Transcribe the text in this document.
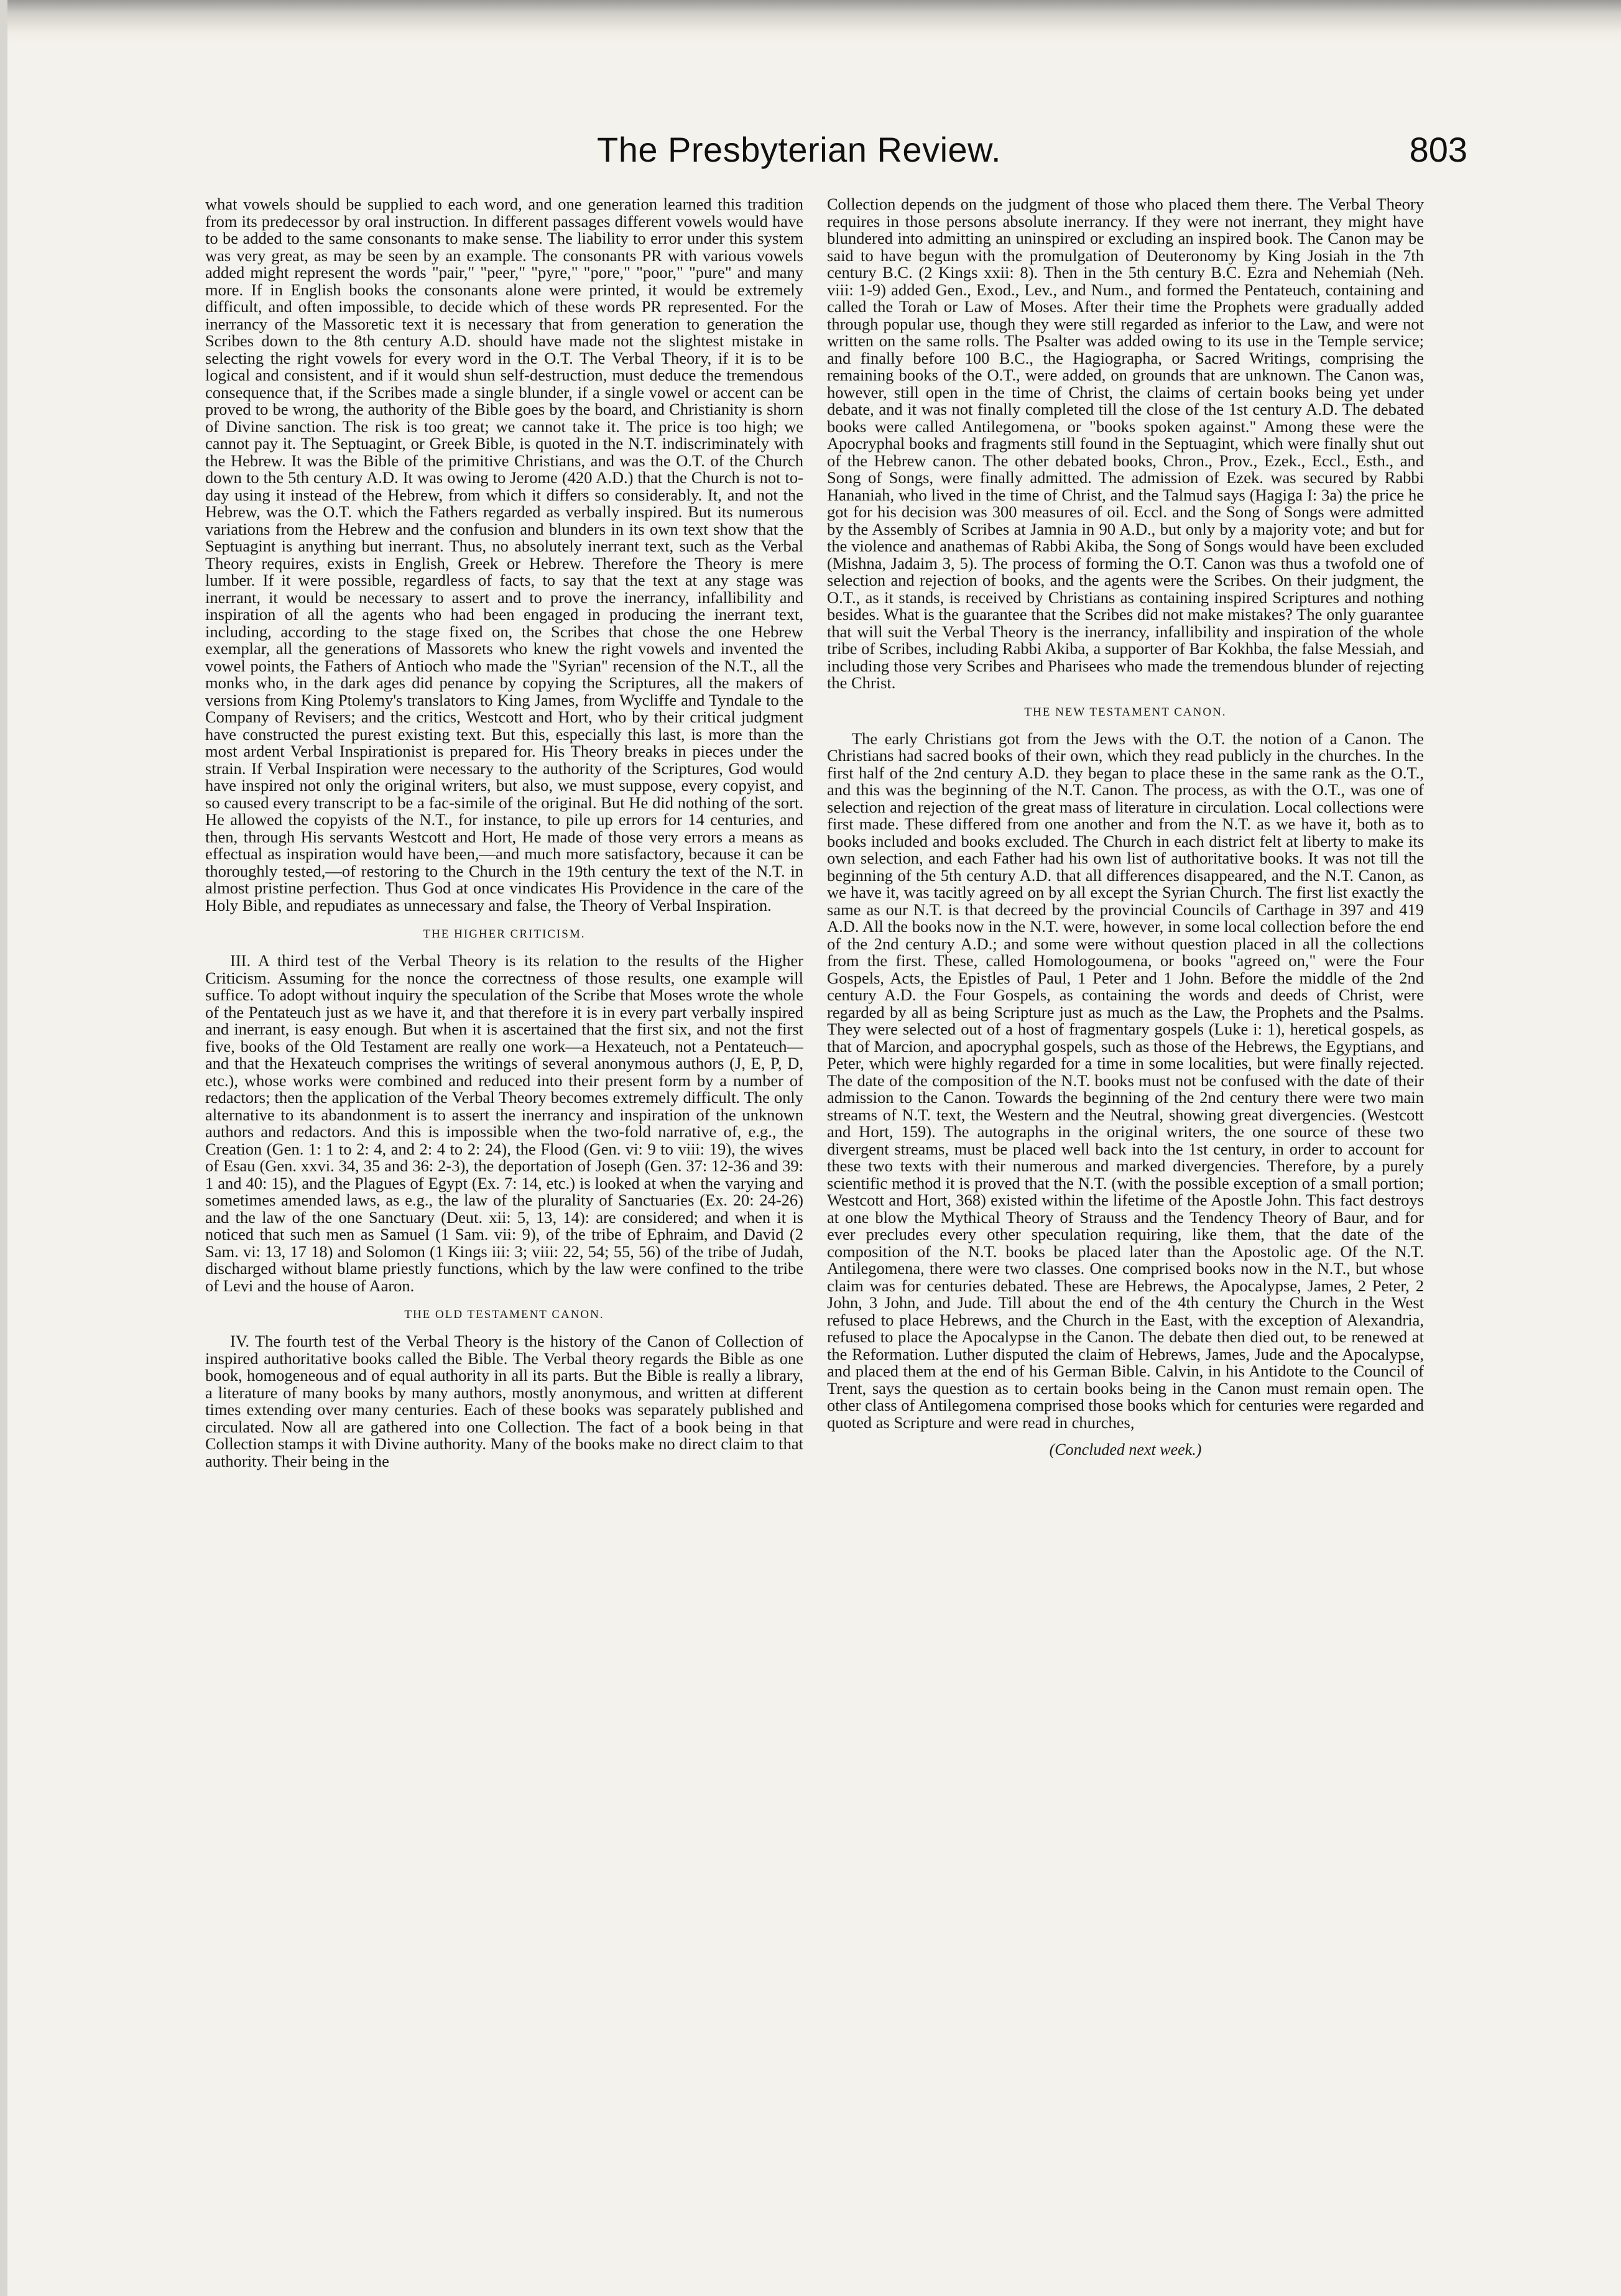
The Presbyterian Review.	803

what vowels should be supplied to each word, and one generation learned this tradition from its predecessor by oral instruction. In different passages different vowels would have to be added to the same consonants to make sense. The liability to error under this system was very great, as may be seen by an example. The consonants PR with various vowels added might represent the words "pair," "peer," "pyre," "pore," "poor," "pure" and many more. If in English books the consonants alone were printed, it would be extremely difficult, and often impossible, to decide which of these words PR represented. For the inerrancy of the Massoretic text it is necessary that from generation to generation the Scribes down to the 8th century A.D. should have made not the slightest mistake in selecting the right vowels for every word in the O.T. The Verbal Theory, if it is to be logical and consistent, and if it would shun self-destruction, must deduce the tremendous consequence that, if the Scribes made a single blunder, if a single vowel or accent can be proved to be wrong, the authority of the Bible goes by the board, and Christianity is shorn of Divine sanction. The risk is too great; we cannot take it. The price is too high; we cannot pay it. The Septuagint, or Greek Bible, is quoted in the N.T. indiscriminately with the Hebrew. It was the Bible of the primitive Christians, and was the O.T. of the Church down to the 5th century A.D. It was owing to Jerome (420 A.D.) that the Church is not to-day using it instead of the Hebrew, from which it differs so considerably. It, and not the Hebrew, was the O.T. which the Fathers regarded as verbally inspired. But its numerous variations from the Hebrew and the confusion and blunders in its own text show that the Septuagint is anything but inerrant. Thus, no absolutely inerrant text, such as the Verbal Theory requires, exists in English, Greek or Hebrew. Therefore the Theory is mere lumber. If it were possible, regardless of facts, to say that the text at any stage was inerrant, it would be necessary to assert and to prove the inerrancy, infallibility and inspiration of all the agents who had been engaged in producing the inerrant text, including, according to the stage fixed on, the Scribes that chose the one Hebrew exemplar, all the generations of Massorets who knew the right vowels and invented the vowel points, the Fathers of Antioch who made the "Syrian" recension of the N.T., all the monks who, in the dark ages did penance by copying the Scriptures, all the makers of versions from King Ptolemy's translators to King James, from Wycliffe and Tyndale to the Company of Revisers; and the critics, Westcott and Hort, who by their critical judgment have constructed the purest existing text. But this, especially this last, is more than the most ardent Verbal Inspirationist is prepared for. His Theory breaks in pieces under the strain. If Verbal Inspiration were necessary to the authority of the Scriptures, God would have inspired not only the original writers, but also, we must suppose, every copyist, and so caused every transcript to be a fac-simile of the original. But He did nothing of the sort. He allowed the copyists of the N.T., for instance, to pile up errors for 14 centuries, and then, through His servants Westcott and Hort, He made of those very errors a means as effectual as inspiration would have been,—and much more satisfactory, because it can be thoroughly tested,—of restoring to the Church in the 19th century the text of the N.T. in almost pristine perfection. Thus God at once vindicates His Providence in the care of the Holy Bible, and repudiates as unnecessary and false, the Theory of Verbal Inspiration.

THE HIGHER CRITICISM.

III. A third test of the Verbal Theory is its relation to the results of the Higher Criticism. Assuming for the nonce the correctness of those results, one example will suffice. To adopt without inquiry the speculation of the Scribe that Moses wrote the whole of the Pentateuch just as we have it, and that therefore it is in every part verbally inspired and inerrant, is easy enough. But when it is ascertained that the first six, and not the first five, books of the Old Testament are really one work—a Hexateuch, not a Pentateuch—and that the Hexateuch comprises the writings of several anonymous authors (J, E, P, D, etc.), whose works were combined and reduced into their present form by a number of redactors; then the application of the Verbal Theory becomes extremely difficult. The only alternative to its abandonment is to assert the inerrancy and inspiration of the unknown authors and redactors. And this is impossible when the two-fold narrative of, e.g., the Creation (Gen. 1: 1 to 2: 4, and 2: 4 to 2: 24), the Flood (Gen. vi: 9 to viii: 19), the wives of Esau (Gen. xxvi. 34, 35 and 36: 2-3), the deportation of Joseph (Gen. 37: 12-36 and 39: 1 and 40: 15), and the Plagues of Egypt (Ex. 7: 14, etc.) is looked at when the varying and sometimes amended laws, as e.g., the law of the plurality of Sanctuaries (Ex. 20: 24-26) and the law of the one Sanctuary (Deut. xii: 5, 13, 14): are considered; and when it is noticed that such men as Samuel (1 Sam. vii: 9), of the tribe of Ephraim, and David (2 Sam. vi: 13, 17 18) and Solomon (1 Kings iii: 3; viii: 22, 54; 55, 56) of the tribe of Judah, discharged without blame priestly functions, which by the law were confined to the tribe of Levi and the house of Aaron.

THE OLD TESTAMENT CANON.

IV. The fourth test of the Verbal Theory is the history of the Canon of Collection of inspired authoritative books called the Bible. The Verbal theory regards the Bible as one book, homogeneous and of equal authority in all its parts. But the Bible is really a library, a literature of many books by many authors, mostly anonymous, and written at different times extending over many centuries. Each of these books was separately published and circulated. Now all are gathered into one Collection. The fact of a book being in that Collection stamps it with Divine authority. Many of the books make no direct claim to that authority. Their being in the

Collection depends on the judgment of those who placed them there. The Verbal Theory requires in those persons absolute inerrancy. If they were not inerrant, they might have blundered into admitting an uninspired or excluding an inspired book. The Canon may be said to have begun with the promulgation of Deuteronomy by King Josiah in the 7th century B.C. (2 Kings xxii: 8). Then in the 5th century B.C. Ezra and Nehemiah (Neh. viii: 1-9) added Gen., Exod., Lev., and Num., and formed the Pentateuch, containing and called the Torah or Law of Moses. After their time the Prophets were gradually added through popular use, though they were still regarded as inferior to the Law, and were not written on the same rolls. The Psalter was added owing to its use in the Temple service; and finally before 100 B.C., the Hagiographa, or Sacred Writings, comprising the remaining books of the O.T., were added, on grounds that are unknown. The Canon was, however, still open in the time of Christ, the claims of certain books being yet under debate, and it was not finally completed till the close of the 1st century A.D. The debated books were called Antilegomena, or "books spoken against." Among these were the Apocryphal books and fragments still found in the Septuagint, which were finally shut out of the Hebrew canon. The other debated books, Chron., Prov., Ezek., Eccl., Esth., and Song of Songs, were finally admitted. The admission of Ezek. was secured by Rabbi Hananiah, who lived in the time of Christ, and the Talmud says (Hagiga I: 3a) the price he got for his decision was 300 measures of oil. Eccl. and the Song of Songs were admitted by the Assembly of Scribes at Jamnia in 90 A.D., but only by a majority vote; and but for the violence and anathemas of Rabbi Akiba, the Song of Songs would have been excluded (Mishna, Jadaim 3, 5). The process of forming the O.T. Canon was thus a twofold one of selection and rejection of books, and the agents were the Scribes. On their judgment, the O.T., as it stands, is received by Christians as containing inspired Scriptures and nothing besides. What is the guarantee that the Scribes did not make mistakes? The only guarantee that will suit the Verbal Theory is the inerrancy, infallibility and inspiration of the whole tribe of Scribes, including Rabbi Akiba, a supporter of Bar Kokhba, the false Messiah, and including those very Scribes and Pharisees who made the tremendous blunder of rejecting the Christ.

THE NEW TESTAMENT CANON.

The early Christians got from the Jews with the O.T. the notion of a Canon. The Christians had sacred books of their own, which they read publicly in the churches. In the first half of the 2nd century A.D. they began to place these in the same rank as the O.T., and this was the beginning of the N.T. Canon. The process, as with the O.T., was one of selection and rejection of the great mass of literature in circulation. Local collections were first made. These differed from one another and from the N.T. as we have it, both as to books included and books excluded. The Church in each district felt at liberty to make its own selection, and each Father had his own list of authoritative books. It was not till the beginning of the 5th century A.D. that all differences disappeared, and the N.T. Canon, as we have it, was tacitly agreed on by all except the Syrian Church. The first list exactly the same as our N.T. is that decreed by the provincial Councils of Carthage in 397 and 419 A.D. All the books now in the N.T. were, however, in some local collection before the end of the 2nd century A.D.; and some were without question placed in all the collections from the first. These, called Homologoumena, or books "agreed on," were the Four Gospels, Acts, the Epistles of Paul, 1 Peter and 1 John. Before the middle of the 2nd century A.D. the Four Gospels, as containing the words and deeds of Christ, were regarded by all as being Scripture just as much as the Law, the Prophets and the Psalms. They were selected out of a host of fragmentary gospels (Luke i: 1), heretical gospels, as that of Marcion, and apocryphal gospels, such as those of the Hebrews, the Egyptians, and Peter, which were highly regarded for a time in some localities, but were finally rejected. The date of the composition of the N.T. books must not be confused with the date of their admission to the Canon. Towards the beginning of the 2nd century there were two main streams of N.T. text, the Western and the Neutral, showing great divergencies. (Westcott and Hort, 159). The autographs in the original writers, the one source of these two divergent streams, must be placed well back into the 1st century, in order to account for these two texts with their numerous and marked divergencies. Therefore, by a purely scientific method it is proved that the N.T. (with the possible exception of a small portion; Westcott and Hort, 368) existed within the lifetime of the Apostle John. This fact destroys at one blow the Mythical Theory of Strauss and the Tendency Theory of Baur, and for ever precludes every other speculation requiring, like them, that the date of the composition of the N.T. books be placed later than the Apostolic age. Of the N.T. Antilegomena, there were two classes. One comprised books now in the N.T., but whose claim was for centuries debated. These are Hebrews, the Apocalypse, James, 2 Peter, 2 John, 3 John, and Jude. Till about the end of the 4th century the Church in the West refused to place Hebrews, and the Church in the East, with the exception of Alexandria, refused to place the Apocalypse in the Canon. The debate then died out, to be renewed at the Reformation. Luther disputed the claim of Hebrews, James, Jude and the Apocalypse, and placed them at the end of his German Bible. Calvin, in his Antidote to the Council of Trent, says the question as to certain books being in the Canon must remain open. The other class of Antilegomena comprised those books which for centuries were regarded and quoted as Scripture and were read in churches,

(Concluded next week.)
